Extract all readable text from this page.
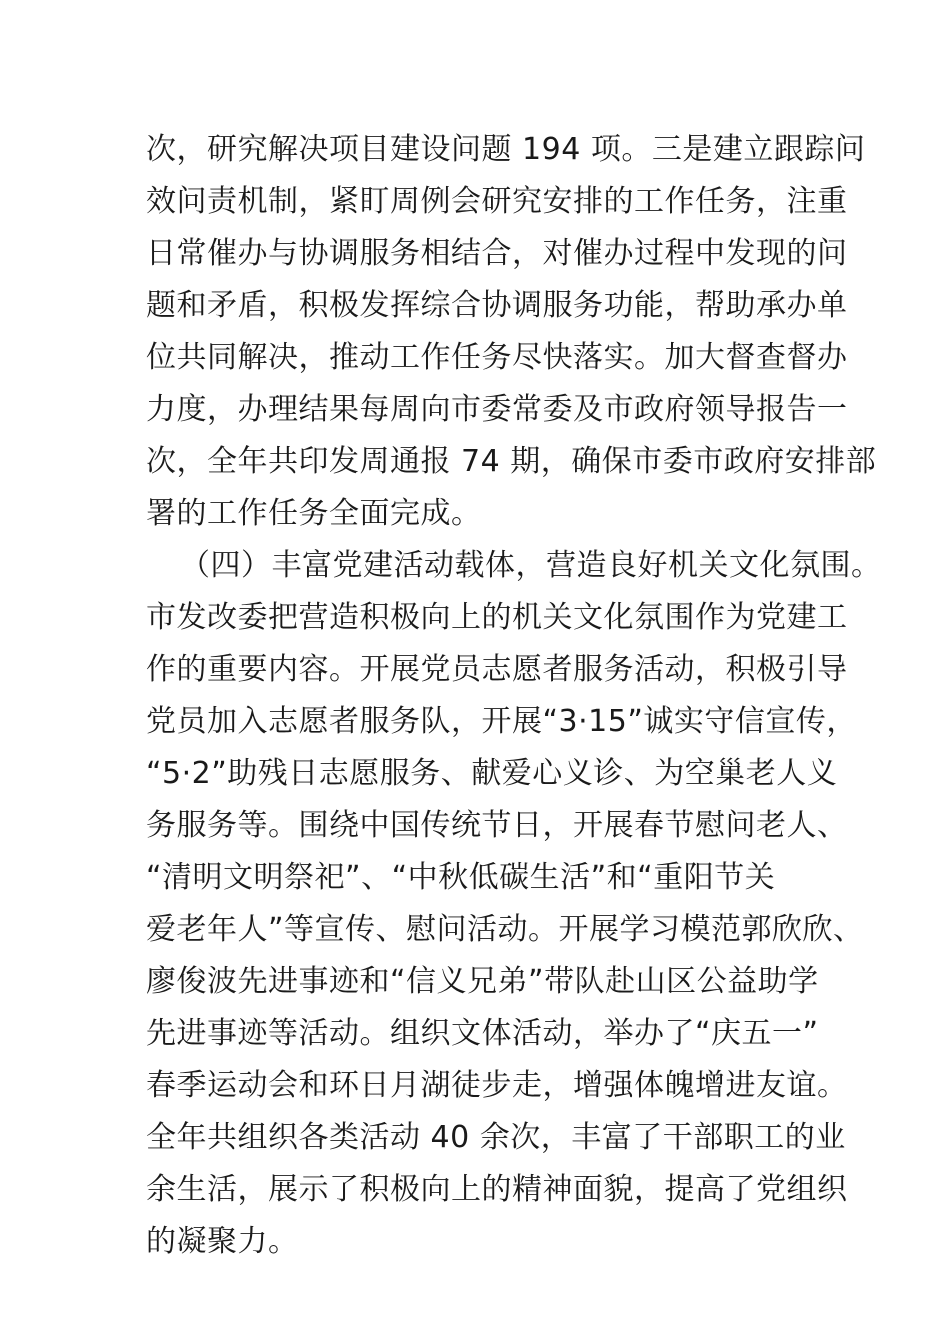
次，研究解决项目建设问题 194 项。三是建立跟踪问
效问责机制，紧盯周例会研究安排的工作任务，注重
日常催办与协调服务相结合，对催办过程中发现的问
题和矛盾，积极发挥综合协调服务功能，帮助承办单
位共同解决，推动工作任务尽快落实。加大督查督办
力度，办理结果每周向市委常委及市政府领导报告一
次，全年共印发周通报 74 期，确保市委市政府安排部
署的工作任务全面完成。
（四）丰富党建活动载体，营造良好机关文化氛围。
市发改委把营造积极向上的机关文化氛围作为党建工
作的重要内容。开展党员志愿者服务活动，积极引导
党员加入志愿者服务队，开展“3·15”诚实守信宣传，
“5·2”助残日志愿服务、献爱心义诊、为空巢老人义
务服务等。围绕中国传统节日，开展春节慰问老人、
“清明文明祭祀”、“中秋低碳生活”和“重阳节关
爱老年人”等宣传、慰问活动。开展学习模范郭欣欣、
廖俊波先进事迹和“信义兄弟”带队赴山区公益助学
先进事迹等活动。组织文体活动，举办了“庆五一”
春季运动会和环日月湖徒步走，增强体魄增进友谊。
全年共组织各类活动 40 余次，丰富了干部职工的业
余生活，展示了积极向上的精神面貌，提高了党组织
的凝聚力。
